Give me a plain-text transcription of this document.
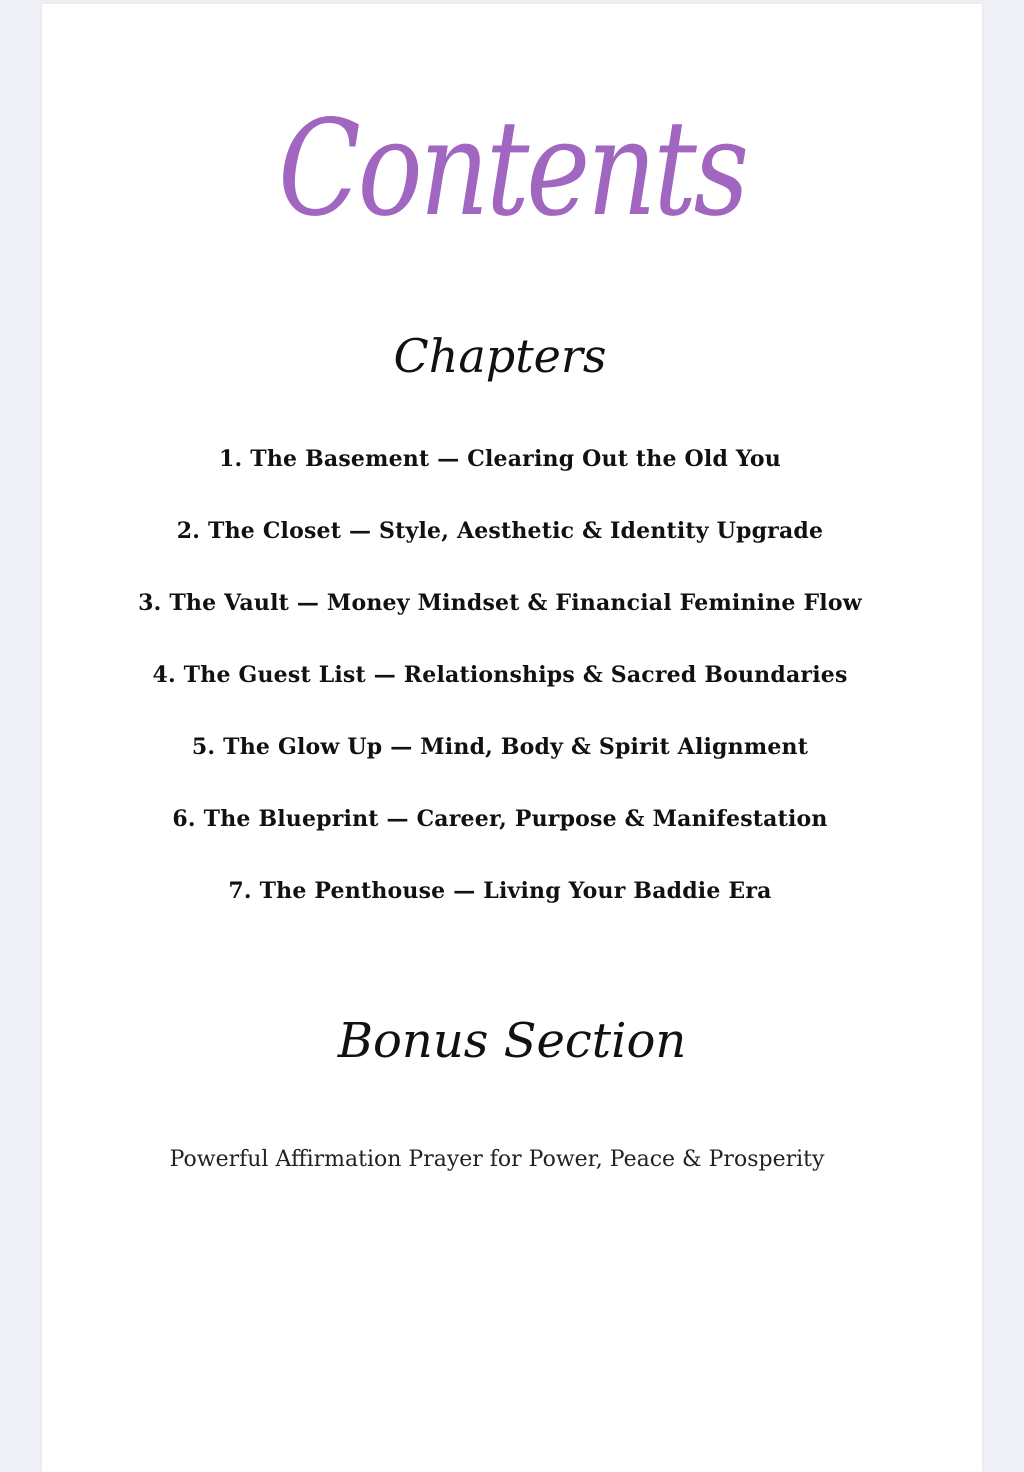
Contents
Chapters
1. The Basement — Clearing Out the Old You
2. The Closet — Style, Aesthetic & Identity Upgrade
3. The Vault — Money Mindset & Financial Feminine Flow
4. The Guest List — Relationships & Sacred Boundaries
5. The Glow Up — Mind, Body & Spirit Alignment
6. The Blueprint — Career, Purpose & Manifestation
7. The Penthouse — Living Your Baddie Era
Bonus Section
Powerful Affirmation Prayer for Power, Peace & Prosperity
